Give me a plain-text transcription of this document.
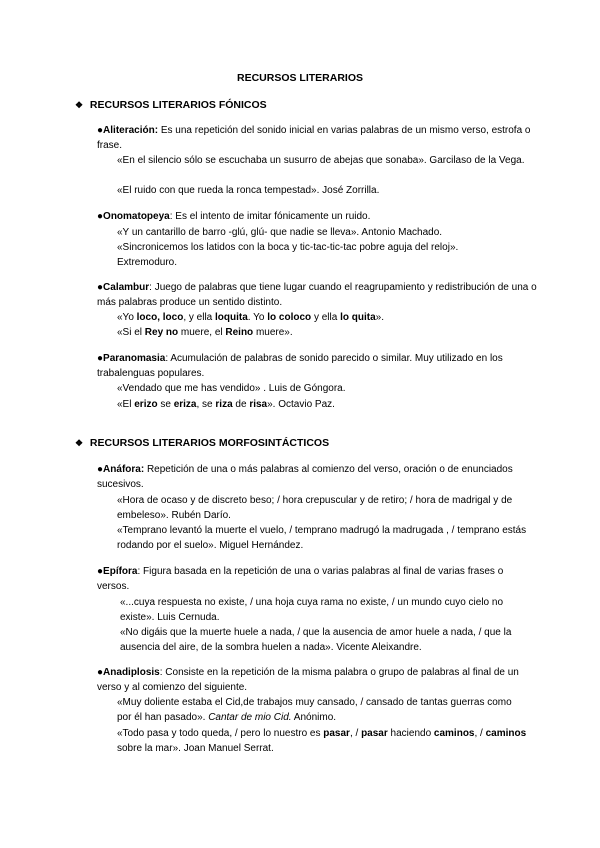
RECURSOS LITERARIOS
❖ RECURSOS LITERARIOS FÓNICOS
●Aliteración: Es una repetición del sonido inicial en varias palabras de un mismo verso, estrofa o frase.
«En el silencio sólo se escuchaba un susurro de abejas que sonaba». Garcilaso de la Vega.
«El ruido con que rueda la ronca tempestad». José Zorrilla.
●Onomatopeya: Es el intento de imitar fónicamente un ruido.
«Y un cantarillo de barro ‑glú, glú‑ que nadie se lleva». Antonio Machado.
«Sincronicemos los latidos con la boca y tic-tac-tic-tac pobre aguja del reloj». Extremoduro.
●Calambur: Juego de palabras que tiene lugar cuando el reagrupamiento y redistribución de una o más palabras produce un sentido distinto.
«Yo loco, loco, y ella loquita. Yo lo coloco y ella lo quita».
«Si el Rey no muere, el Reino muere».
●Paranomasia: Acumulación de palabras de sonido parecido o similar. Muy utilizado en los trabalenguas populares.
«Vendado que me has vendido» . Luis de Góngora.
«El erizo se eriza, se riza de risa». Octavio Paz.
❖ RECURSOS LITERARIOS MORFOSINTÁCTICOS
●Anáfora: Repetición de una o más palabras al comienzo del verso, oración o de enunciados sucesivos.
«Hora de ocaso y de discreto beso; / hora crepuscular y de retiro; / hora de madrigal y de embeleso». Rubén Darío.
«Temprano levantó la muerte el vuelo, / temprano madrugó la madrugada , / temprano estás rodando por el suelo». Miguel Hernández.
●Epífora: Figura basada en la repetición de una o varias palabras al final de varias frases o versos.
«...cuya respuesta no existe, / una hoja cuya rama no existe, / un mundo cuyo cielo no existe». Luis Cernuda.
«No digáis que la muerte huele a nada, / que la ausencia de amor huele a nada, / que la ausencia del aire, de la sombra huelen a nada». Vicente Aleixandre.
●Anadiplosis: Consiste en la repetición de la misma palabra o grupo de palabras al final de un verso y al comienzo del siguiente.
«Muy doliente estaba el Cid,de trabajos muy cansado, / cansado de tantas guerras como por él han pasado». Cantar de mio Cid. Anónimo.
«Todo pasa y todo queda, / pero lo nuestro es pasar, / pasar haciendo caminos, / caminos sobre la mar». Joan Manuel Serrat.
